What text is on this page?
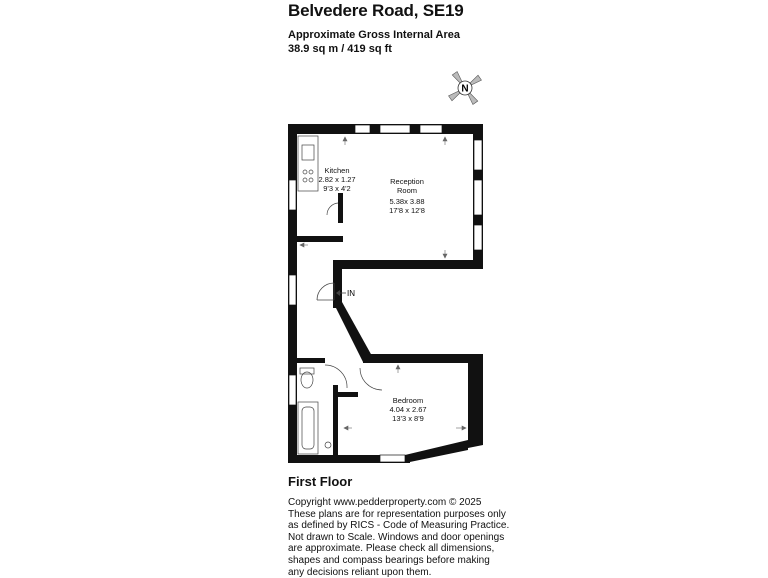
Belvedere Road, SE19
Approximate Gross Internal Area
38.9 sq m / 419 sq ft
N
IN
Kitchen
2.82 x 1.27
9'3 x 4'2
Reception
Room
5.38x 3.88
17'8 x 12'8
Bedroom
4.04 x 2.67
13'3 x 8'9
First Floor
Copyright www.pedderproperty.com © 2025
These plans are for representation purposes only
as defined by RICS - Code of Measuring Practice.
Not drawn to Scale. Windows and door openings
are approximate. Please check all dimensions,
shapes and compass bearings before making
any decisions reliant upon them.
